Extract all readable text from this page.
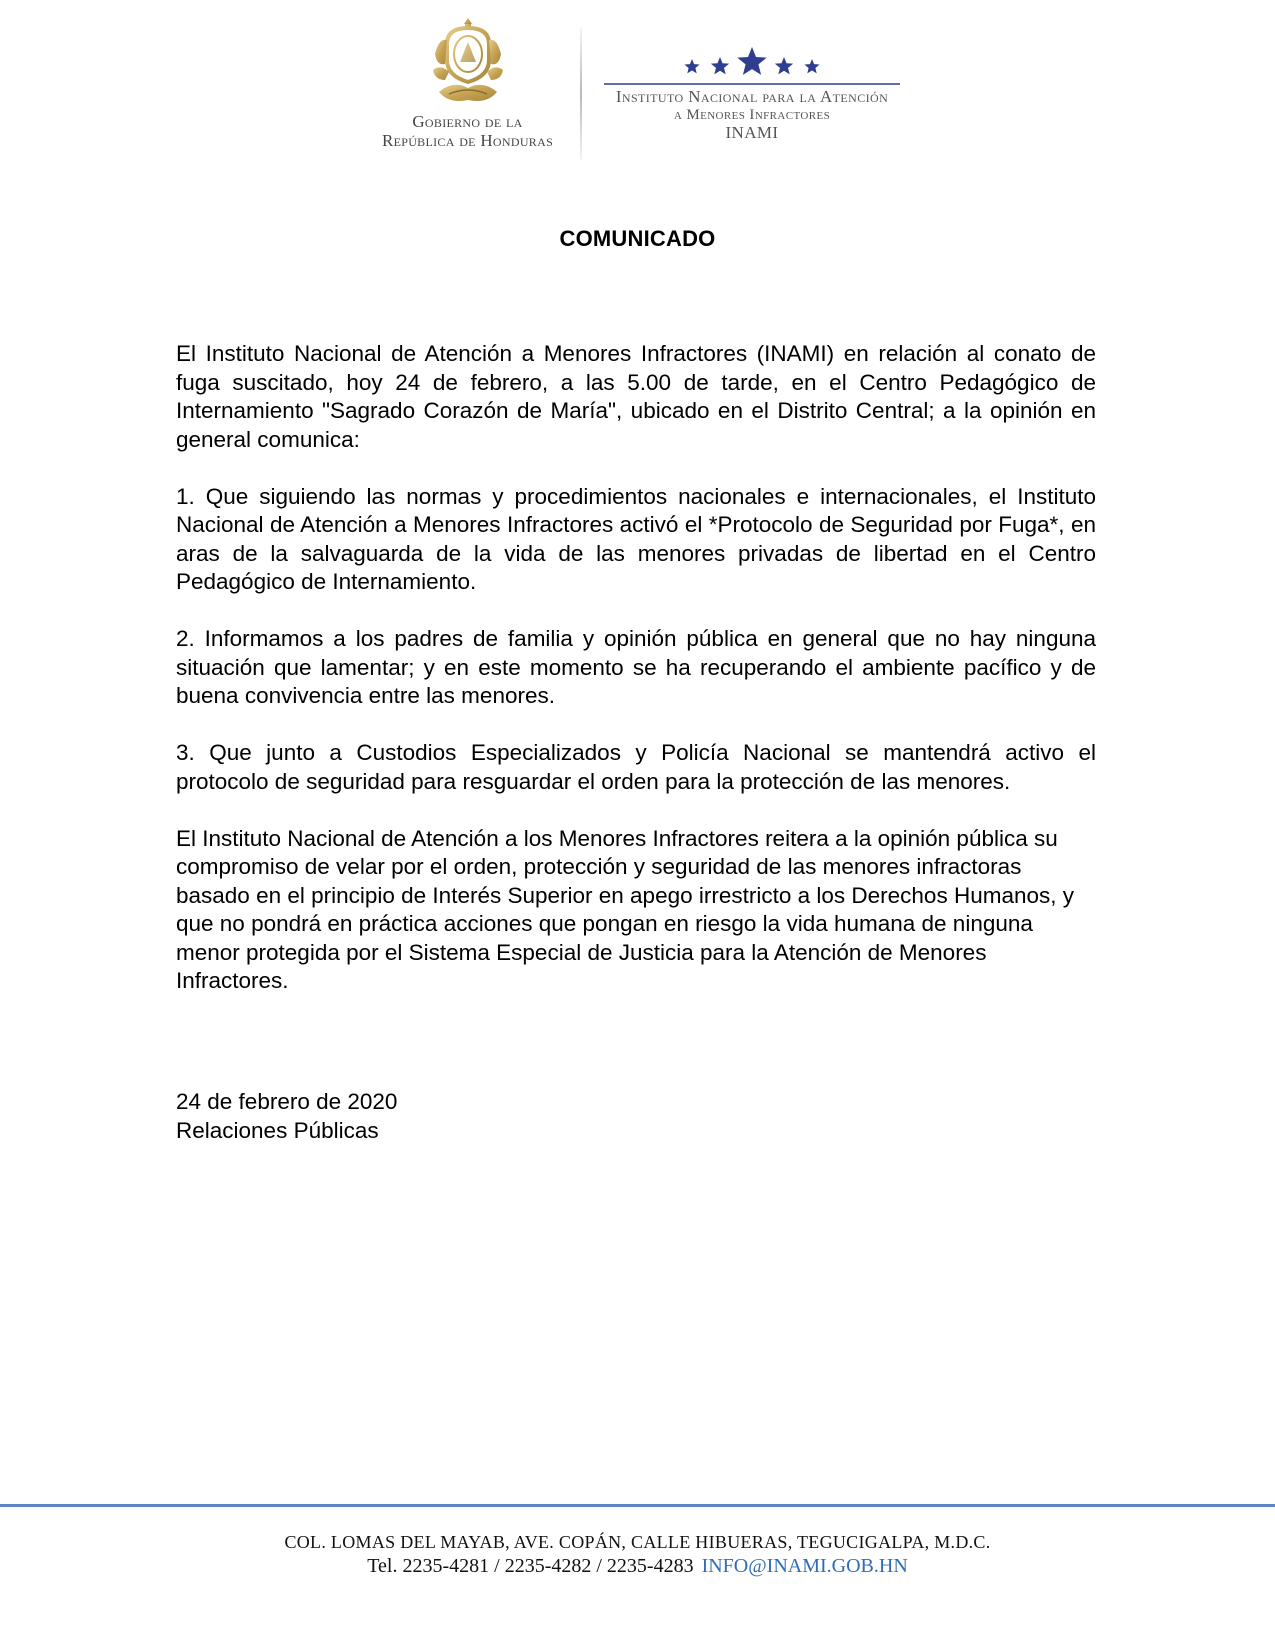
Gobierno de la
República de Honduras
Instituto Nacional para la Atención
a Menores Infractores
INAMI
COMUNICADO

El Instituto Nacional de Atención a Menores Infractores (INAMI) en relación al conato de fuga suscitado, hoy 24 de febrero, a las 5.00 de tarde, en el Centro Pedagógico de Internamiento "Sagrado Corazón de María", ubicado en el Distrito Central; a la opinión en general comunica:

1. Que siguiendo las normas y procedimientos nacionales e internacionales, el Instituto Nacional de Atención a Menores Infractores activó el *Protocolo de Seguridad por Fuga*, en aras de la salvaguarda de la vida de las menores privadas de libertad en el Centro Pedagógico de Internamiento.

2. Informamos a los padres de familia y opinión pública en general que no hay ninguna situación que lamentar; y en este momento se ha recuperando el ambiente pacífico y de buena convivencia entre las menores.

3. Que junto a Custodios Especializados y Policía Nacional se mantendrá activo el protocolo de seguridad para resguardar el orden para la protección de las menores.

El Instituto Nacional de Atención a los Menores Infractores reitera a la opinión pública su compromiso de velar por el orden, protección y seguridad de las menores infractoras basado en el principio de Interés Superior en apego irrestricto a los Derechos Humanos, y que no pondrá en práctica acciones que pongan en riesgo la vida humana de ninguna menor protegida por el Sistema Especial de Justicia para la Atención de Menores Infractores.

24 de febrero de 2020
Relaciones Públicas
COL. LOMAS DEL MAYAB, AVE. COPÁN, CALLE HIBUERAS, TEGUCIGALPA, M.D.C.
Tel. 2235-4281 / 2235-4282 / 2235-4283 INFO@INAMI.GOB.HN
